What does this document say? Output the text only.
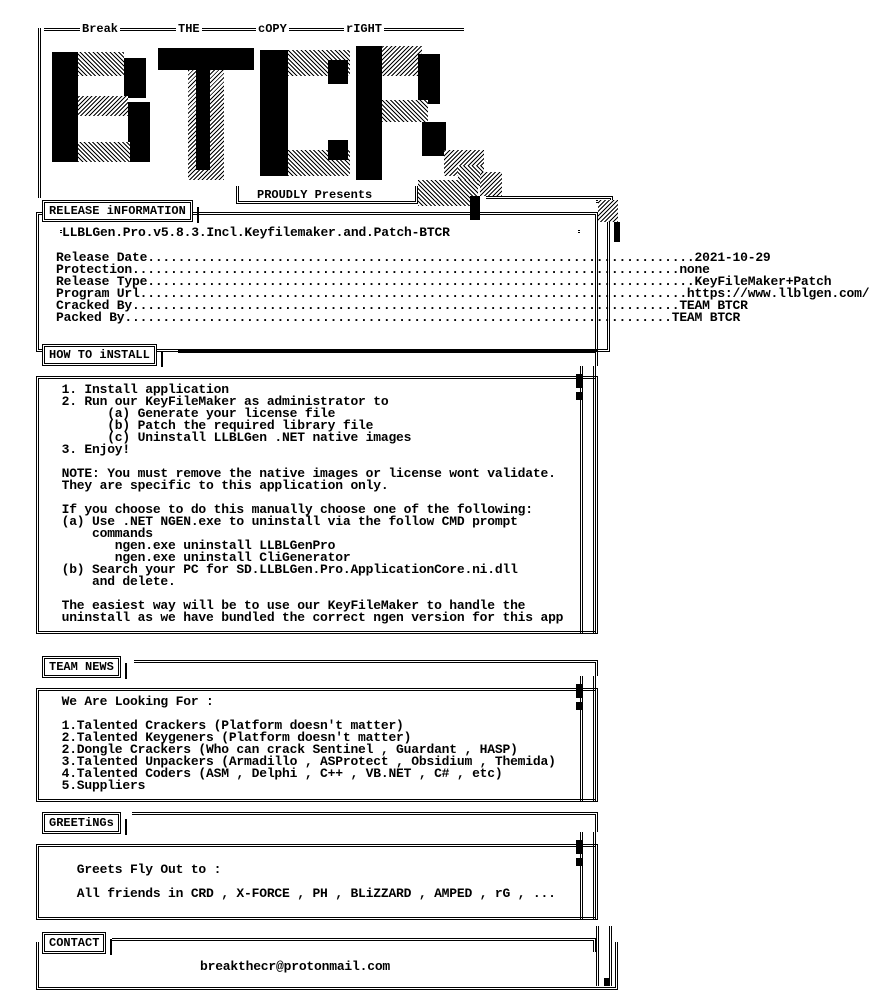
Break	THE	cOPY	rIGHT
PROUDLY Presents
RELEASE iNFORMATION
LLBLGen.Pro.v5.8.3.Incl.Keyfilemaker.and.Patch-BTCR
Release Date ........................................................................ 2021-10-29
Protection ........................................................................ none
Release Type ........................................................................ KeyFileMaker+Patch
Program Url ........................................................................ https://www.llblgen.com/
Cracked By ........................................................................ TEAM BTCR
Packed By ........................................................................ TEAM BTCR
HOW TO iNSTALL
1. Install application
2. Run our KeyFileMaker as administrator to
(a) Generate your license file
(b) Patch the required library file
(c) Uninstall LLBLGen .NET native images
3. Enjoy!

NOTE: You must remove the native images or license wont validate.
They are specific to this application only.

If you choose to do this manually choose one of the following:
(a) Use .NET NGEN.exe to uninstall via the follow CMD prompt
commands
ngen.exe uninstall LLBLGenPro
ngen.exe uninstall CliGenerator
(b) Search your PC for SD.LLBLGen.Pro.ApplicationCore.ni.dll
and delete.

The easiest way will be to use our KeyFileMaker to handle the
uninstall as we have bundled the correct ngen version for this app
TEAM NEWS
We Are Looking For :

1.Talented Crackers (Platform doesn't matter)
2.Talented Keygeners (Platform doesn't matter)
2.Dongle Crackers (Who can crack Sentinel , Guardant , HASP)
3.Talented Unpackers (Armadillo , ASProtect , Obsidium , Themida)
4.Talented Coders (ASM , Delphi , C++ , VB.NET , C# , etc)
5.Suppliers
GREETiNGs
Greets Fly Out to :

All friends in CRD , X-FORCE , PH , BLiZZARD , AMPED , rG , ...
CONTACT
breakthecr@protonmail.com
